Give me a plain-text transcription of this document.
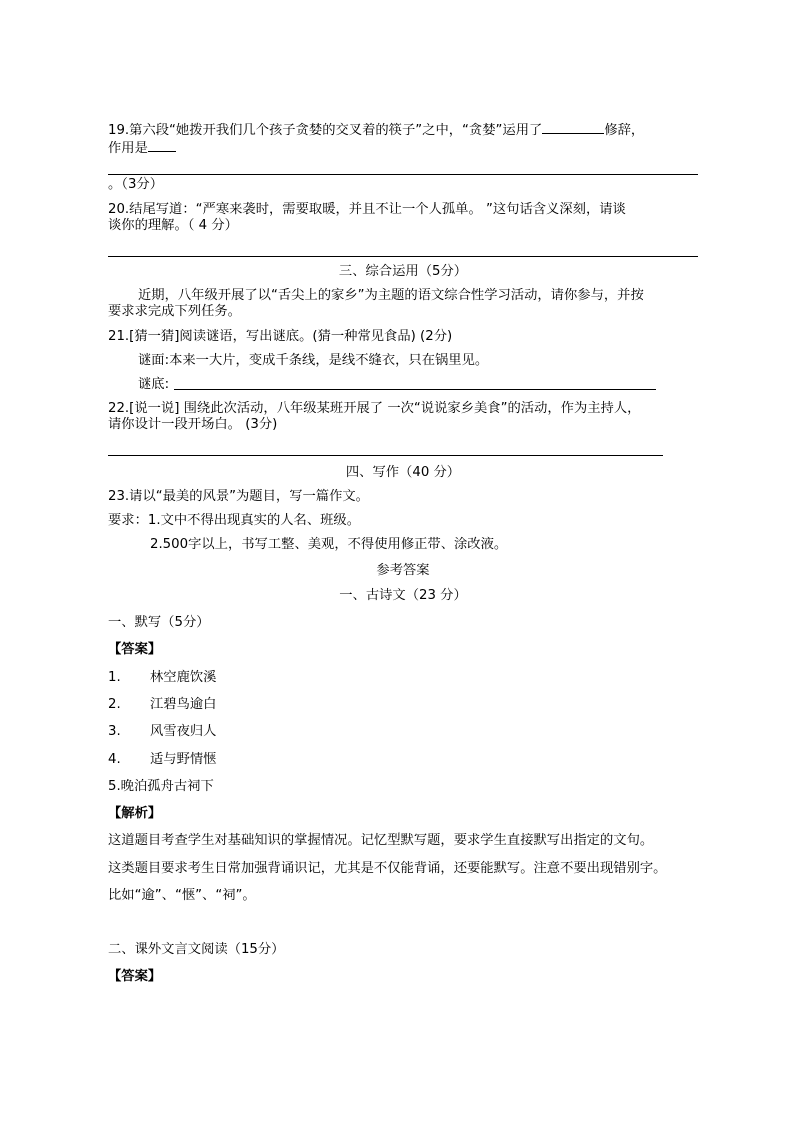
19.第六段“她拨开我们几个孩子贪婪的交叉着的筷子”之中，“贪婪”运用了	修辞，
作用是
。（3分）
20.结尾写道：“严寒来袭时，需要取暖，并且不让一个人孤单。 ”这句话含义深刻，请谈
谈你的理解。（ 4 分）
三、综合运用（5分）
近期，八年级开展了以“舌尖上的家乡”为主题的语文综合性学习活动，请你参与，并按
要求求完成下列任务。
21.[猜一猜]阅读谜语，写出谜底。(猜一种常见食品) (2分)
谜面:本来一大片，变成千条线，是线不缝衣，只在锅里见。
谜底:
22.[说一说] 围绕此次活动，八年级某班开展了 一次“说说家乡美食”的活动，作为主持人，
请你设计一段开场白。 (3分)
四、写作（40 分）
23.请以“最美的风景”为题目，写一篇作文。
要求：1.文中不得出现真实的人名、班级。
2.500字以上，书写工整、美观，不得使用修正带、涂改液。
参考答案
一、古诗文（23 分）
一、默写（5分）
【答案】
1. 林空鹿饮溪
2. 江碧鸟逾白
3. 风雪夜归人
4. 适与野情惬
5.晚泊孤舟古祠下
【解析】
这道题目考查学生对基础知识的掌握情况。记忆型默写题，要求学生直接默写出指定的文句。
这类题目要求考生日常加强背诵识记，尤其是不仅能背诵，还要能默写。注意不要出现错别字。
比如“逾”、“惬”、“祠”。
二、课外文言文阅读（15分）
【答案】
